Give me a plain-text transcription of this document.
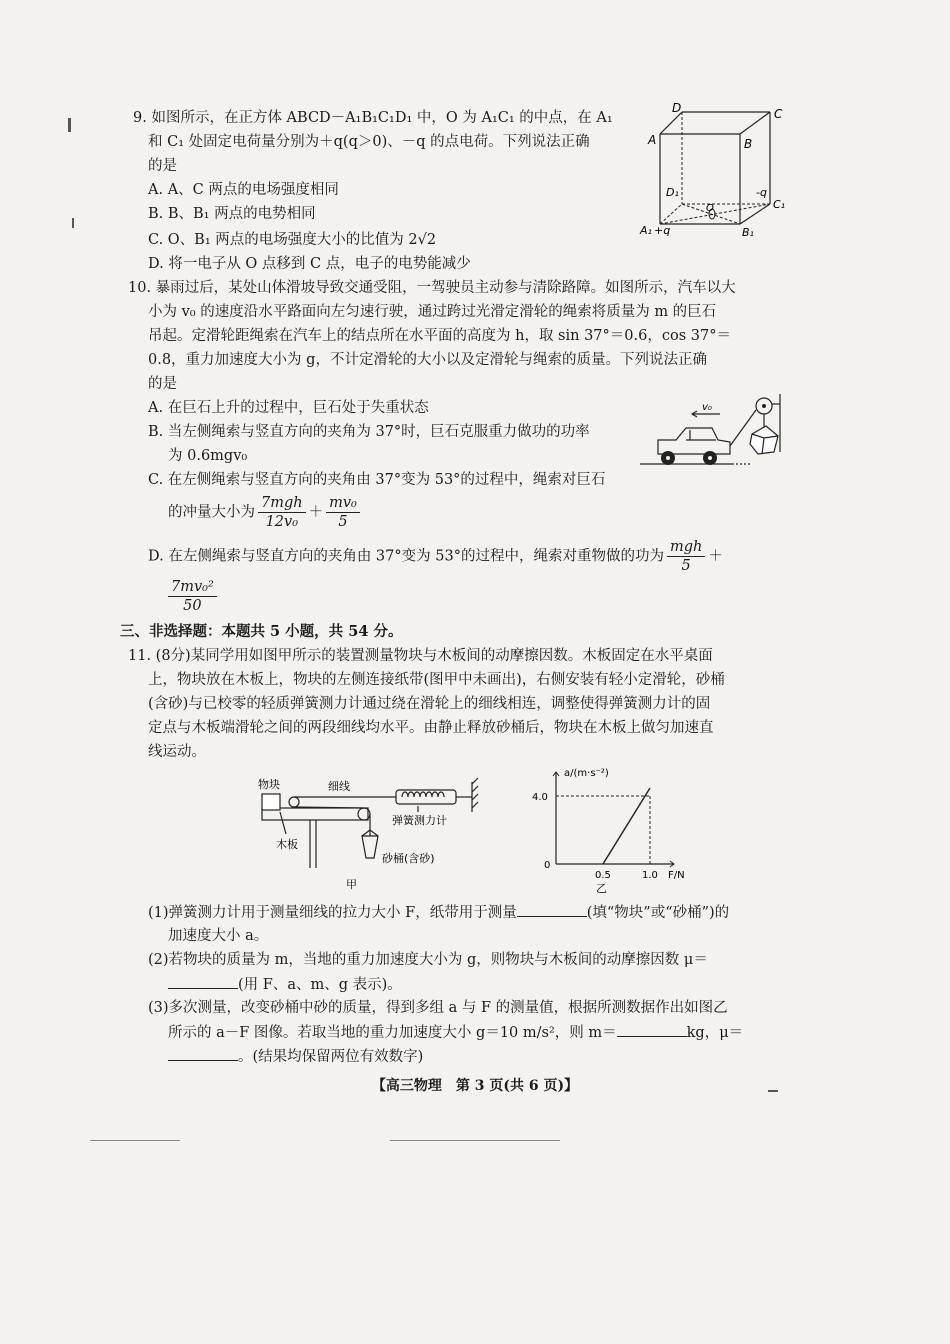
9. 如图所示，在正方体 ABCD－A₁B₁C₁D₁ 中，O 为 A₁C₁ 的中点，在 A₁
和 C₁ 处固定电荷量分别为＋q(q＞0)、－q 的点电荷。下列说法正确
的是
A. A、C 两点的电场强度相同
B. B、B₁ 两点的电势相同
C. O、B₁ 两点的电场强度大小的比值为 2√2
D. 将一电子从 O 点移到 C 点，电子的电势能减少
D	C
A	B
D₁	-q
C₁
A₁ +q
O
B₁
10. 暴雨过后，某处山体滑坡导致交通受阻，一驾驶员主动参与清除路障。如图所示，汽车以大
小为 v₀ 的速度沿水平路面向左匀速行驶，通过跨过光滑定滑轮的绳索将质量为 m 的巨石
吊起。定滑轮距绳索在汽车上的结点所在水平面的高度为 h，取 sin 37°＝0.6，cos 37°＝
0.8，重力加速度大小为 g，不计定滑轮的大小以及定滑轮与绳索的质量。下列说法正确
的是
A. 在巨石上升的过程中，巨石处于失重状态
B. 当左侧绳索与竖直方向的夹角为 37°时，巨石克服重力做功的功率
为 0.6mgv₀
C. 在左侧绳索与竖直方向的夹角由 37°变为 53°的过程中，绳索对巨石
的冲量大小为 $\frac{\text{7mgh}}{\text{12v₀}} + \frac{\text{mv₀}}{5}$
D. 在左侧绳索与竖直方向的夹角由 37°变为 53°的过程中，绳索对重物做的功为 $\frac{\text{mgh}}{5}$ ＋
$\frac{\text{7mv₀²}}{50}$
v₀
三、非选择题：本题共 5 小题，共 54 分。
11. (8分)某同学用如图甲所示的装置测量物块与木板间的动摩擦因数。木板固定在水平桌面
上，物块放在木板上，物块的左侧连接纸带(图甲中未画出)，右侧安装有轻小定滑轮，砂桶
(含砂)与已校零的轻质弹簧测力计通过绕在滑轮上的细线相连，调整使得弹簧测力计的固
定点与木板端滑轮之间的两段细线均水平。由静止释放砂桶后，物块在木板上做匀加速直
线运动。
物块	细线
弹簧测力计
木板
砂桶(含砂)
甲
a/(m·s⁻²)
F/N
4.0
0
0.5	1.0
乙
(1)弹簧测力计用于测量细线的拉力大小 F，纸带用于测量	(填“物块”或“砂桶”)的
加速度大小 a。
(2)若物块的质量为 m，当地的重力加速度大小为 g，则物块与木板间的动摩擦因数 μ＝
(用 F、a、m、g 表示)。
(3)多次测量，改变砂桶中砂的质量，得到多组 a 与 F 的测量值，根据所测数据作出如图乙
所示的 a－F 图像。若取当地的重力加速度大小 g＝10 m/s²，则 m＝	kg，μ＝
。(结果均保留两位有效数字)
【高三物理　第 3 页(共 6 页)】
